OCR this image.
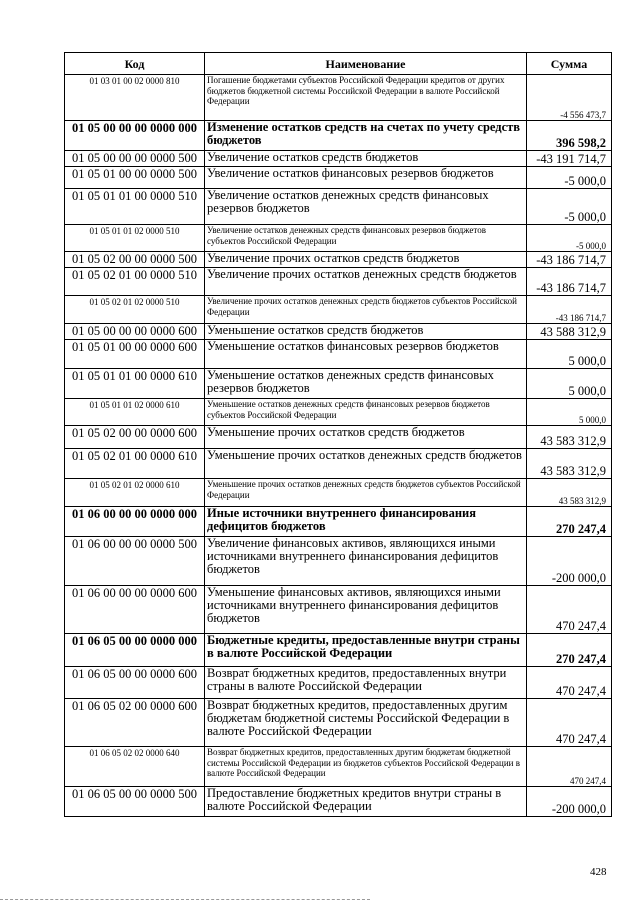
Код	Наименование	Сумма
01 03 01 00 02 0000 810	Погашение бюджетами субъектов Российской Федерации кредитов от других бюджетов бюджетной системы Российской Федерации в валюте Российской Федерации	-4 556 473,7
01 05 00 00 00 0000 000	Изменение остатков средств на счетах по учету средств бюджетов	396 598,2
01 05 00 00 00 0000 500	Увеличение остатков средств бюджетов	-43 191 714,7
01 05 01 00 00 0000 500	Увеличение остатков финансовых резервов бюджетов	-5 000,0
01 05 01 01 00 0000 510	Увеличение остатков денежных средств финансовых резервов бюджетов	-5 000,0
01 05 01 01 02 0000 510	Увеличение остатков денежных средств финансовых резервов бюджетов субъектов Российской Федерации	-5 000,0
01 05 02 00 00 0000 500	Увеличение прочих остатков средств бюджетов	-43 186 714,7
01 05 02 01 00 0000 510	Увеличение прочих остатков денежных средств бюджетов	-43 186 714,7
01 05 02 01 02 0000 510	Увеличение прочих остатков денежных средств бюджетов субъектов Российской Федерации	-43 186 714,7
01 05 00 00 00 0000 600	Уменьшение остатков средств бюджетов	43 588 312,9
01 05 01 00 00 0000 600	Уменьшение остатков финансовых резервов бюджетов	5 000,0
01 05 01 01 00 0000 610	Уменьшение остатков денежных средств финансовых резервов бюджетов	5 000,0
01 05 01 01 02 0000 610	Уменьшение остатков денежных средств финансовых резервов бюджетов субъектов Российской Федерации	5 000,0
01 05 02 00 00 0000 600	Уменьшение прочих остатков средств бюджетов	43 583 312,9
01 05 02 01 00 0000 610	Уменьшение прочих остатков денежных средств бюджетов	43 583 312,9
01 05 02 01 02 0000 610	Уменьшение прочих остатков денежных средств бюджетов субъектов Российской Федерации	43 583 312,9
01 06 00 00 00 0000 000	Иные источники внутреннего финансирования дефицитов бюджетов	270 247,4
01 06 00 00 00 0000 500	Увеличение финансовых активов, являющихся иными источниками внутреннего финансирования дефицитов бюджетов	-200 000,0
01 06 00 00 00 0000 600	Уменьшение финансовых активов, являющихся иными источниками внутреннего финансирования дефицитов бюджетов	470 247,4
01 06 05 00 00 0000 000	Бюджетные кредиты, предоставленные внутри страны в валюте Российской Федерации	270 247,4
01 06 05 00 00 0000 600	Возврат бюджетных кредитов, предоставленных внутри страны в валюте Российской Федерации	470 247,4
01 06 05 02 00 0000 600	Возврат бюджетных кредитов, предоставленных другим бюджетам бюджетной системы Российской Федерации в валюте Российской Федерации	470 247,4
01 06 05 02 02 0000 640	Возврат бюджетных кредитов, предоставленных другим бюджетам бюджетной системы Российской Федерации из бюджетов субъектов Российской Федерации в валюте Российской Федерации	470 247,4
01 06 05 00 00 0000 500	Предоставление бюджетных кредитов внутри страны в валюте Российской Федерации	-200 000,0
428
